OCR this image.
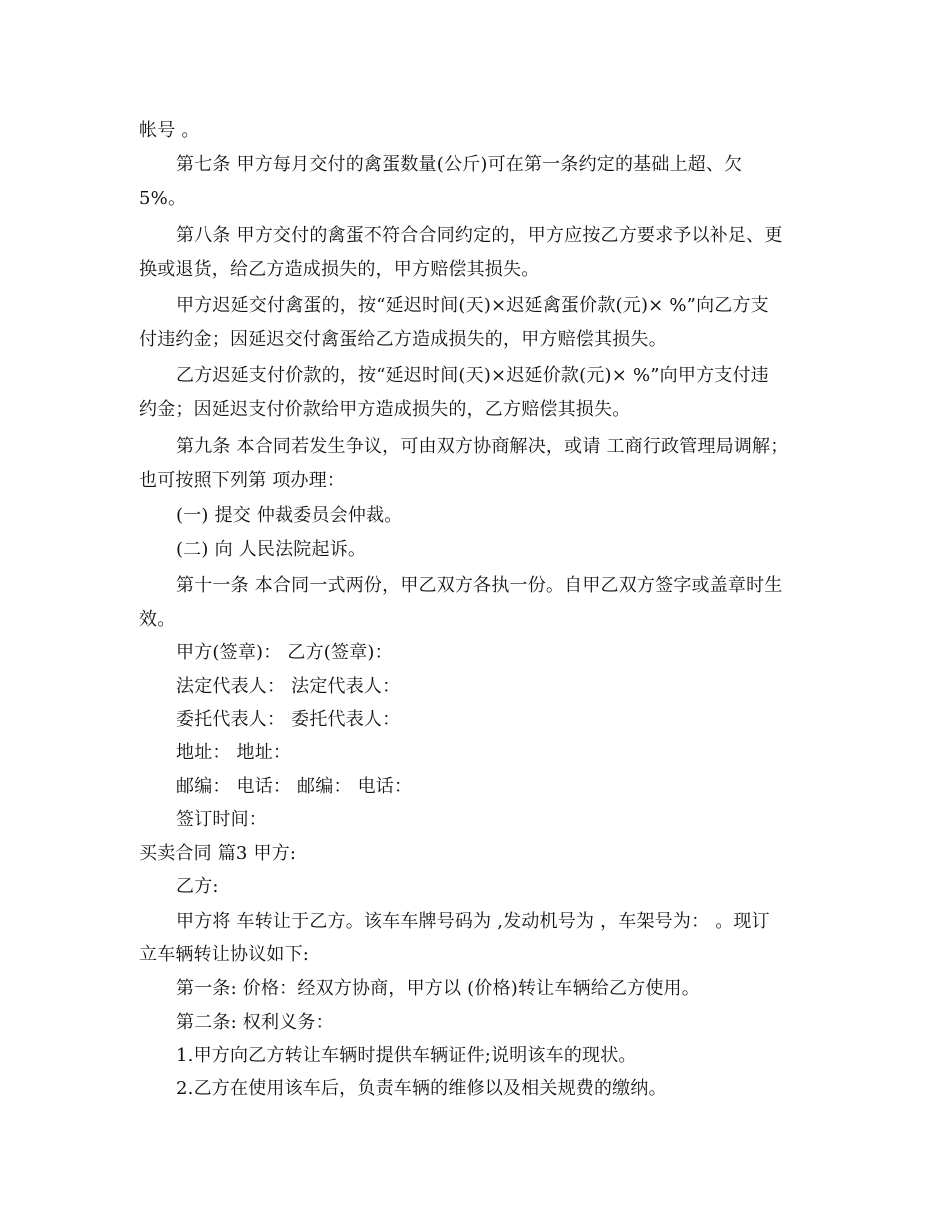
帐号 。
第七条 甲方每月交付的禽蛋数量(公斤)可在第一条约定的基础上超、欠
5%。
第八条 甲方交付的禽蛋不符合合同约定的，甲方应按乙方要求予以补足、更
换或退货，给乙方造成损失的，甲方赔偿其损失。
甲方迟延交付禽蛋的，按“延迟时间(天)×迟延禽蛋价款(元)× %”向乙方支
付违约金；因延迟交付禽蛋给乙方造成损失的，甲方赔偿其损失。
乙方迟延支付价款的，按“延迟时间(天)×迟延价款(元)× %”向甲方支付违
约金；因延迟支付价款给甲方造成损失的，乙方赔偿其损失。
第九条 本合同若发生争议，可由双方协商解决，或请 工商行政管理局调解；
也可按照下列第 项办理：
(一) 提交 仲裁委员会仲裁。
(二) 向 人民法院起诉。
第十一条 本合同一式两份，甲乙双方各执一份。自甲乙双方签字或盖章时生
效。
甲方(签章)： 乙方(签章)：
法定代表人： 法定代表人：
委托代表人： 委托代表人：
地址： 地址：
邮编： 电话： 邮编： 电话：
签订时间：
买卖合同 篇3 甲方:
乙方:
甲方将 车转让于乙方。该车车牌号码为 ,发动机号为 ，车架号为： 。现订
立车辆转让协议如下:
第一条: 价格：经双方协商，甲方以 (价格)转让车辆给乙方使用。
第二条: 权利义务：
1.甲方向乙方转让车辆时提供车辆证件;说明该车的现状。
2.乙方在使用该车后，负责车辆的维修以及相关规费的缴纳。
